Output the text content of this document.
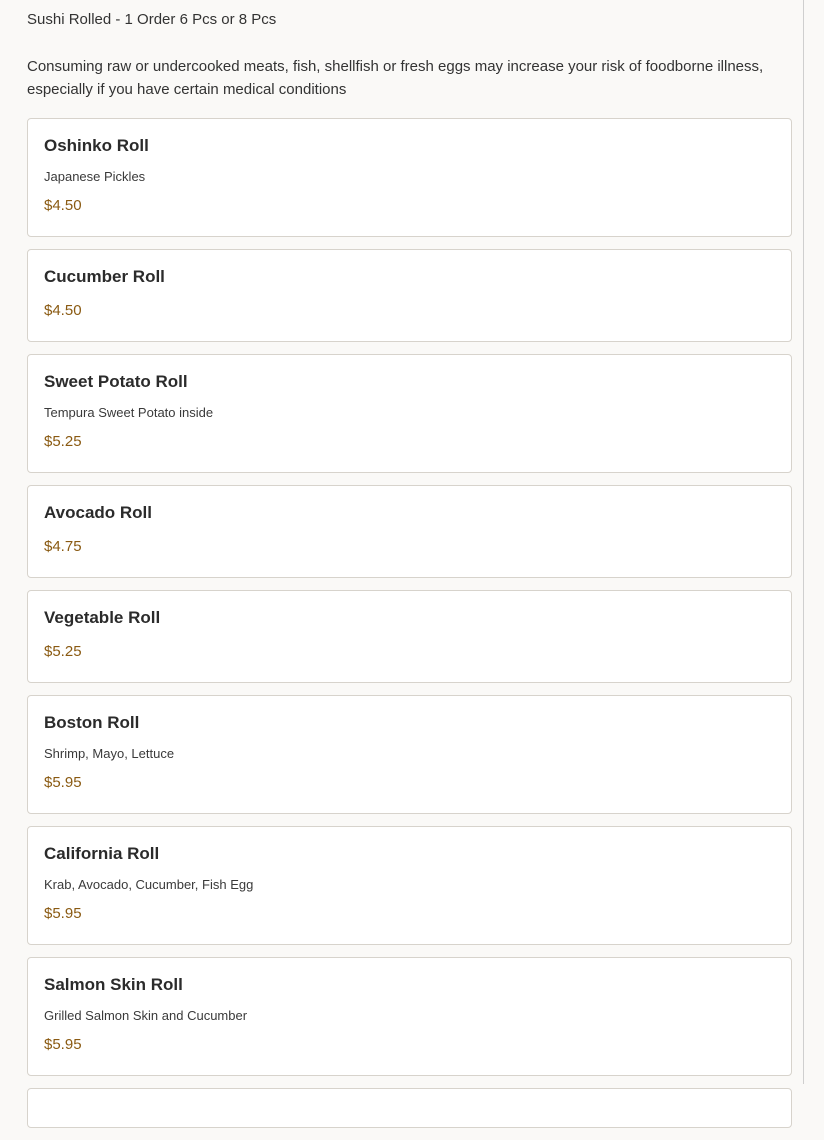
Sushi Rolled - 1 Order 6 Pcs or 8 Pcs

Consuming raw or undercooked meats, fish, shellfish or fresh eggs may increase your risk of foodborne illness, especially if you have certain medical conditions

Oshinko Roll
Japanese Pickles
$4.50
Cucumber Roll
$4.50
Sweet Potato Roll
Tempura Sweet Potato inside
$5.25
Avocado Roll
$4.75
Vegetable Roll
$5.25
Boston Roll
Shrimp, Mayo, Lettuce
$5.95
California Roll
Krab, Avocado, Cucumber, Fish Egg
$5.95
Salmon Skin Roll
Grilled Salmon Skin and Cucumber
$5.95
